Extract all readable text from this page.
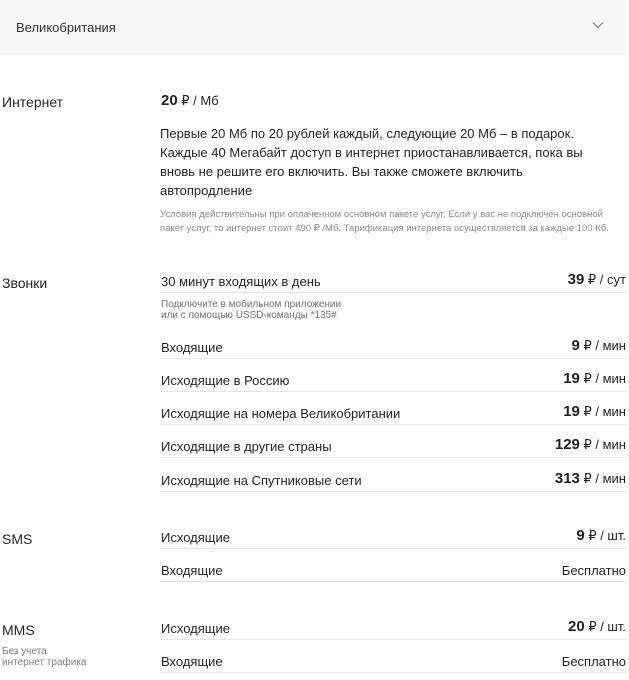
Великобритания
Интернет	20 ₽ / Мб
Первые 20 Мб по 20 рублей каждый, следующие 20 Мб – в подарок. Каждые 40 Мегабайт доступ в интернет приостанавливается, пока вы вновь не решите его включить. Вы также сможете включить автопродление
Условия действительны при оплаченном основном пакете услуг. Если у вас не подключен основной пакет услуг, то интернет стоит 490 ₽ /Мб. Тарификация интернета осуществляется за каждые 100 Кб.
Звонки	30 минут входящих в день	39 ₽ / сут
Подключите в мобильном приложении
или с помощью USSD-команды *135#
Входящие	9 ₽ / мин
Исходящие в Россию	19 ₽ / мин
Исходящие на номера Великобритании	19 ₽ / мин
Исходящие в другие страны	129 ₽ / мин
Исходящие на Спутниковые сети	313 ₽ / мин
SMS	Исходящие	9 ₽ / шт.
Входящие	Бесплатно
MMS
Без учета
интернет трафика
Исходящие	20 ₽ / шт.
Входящие	Бесплатно
